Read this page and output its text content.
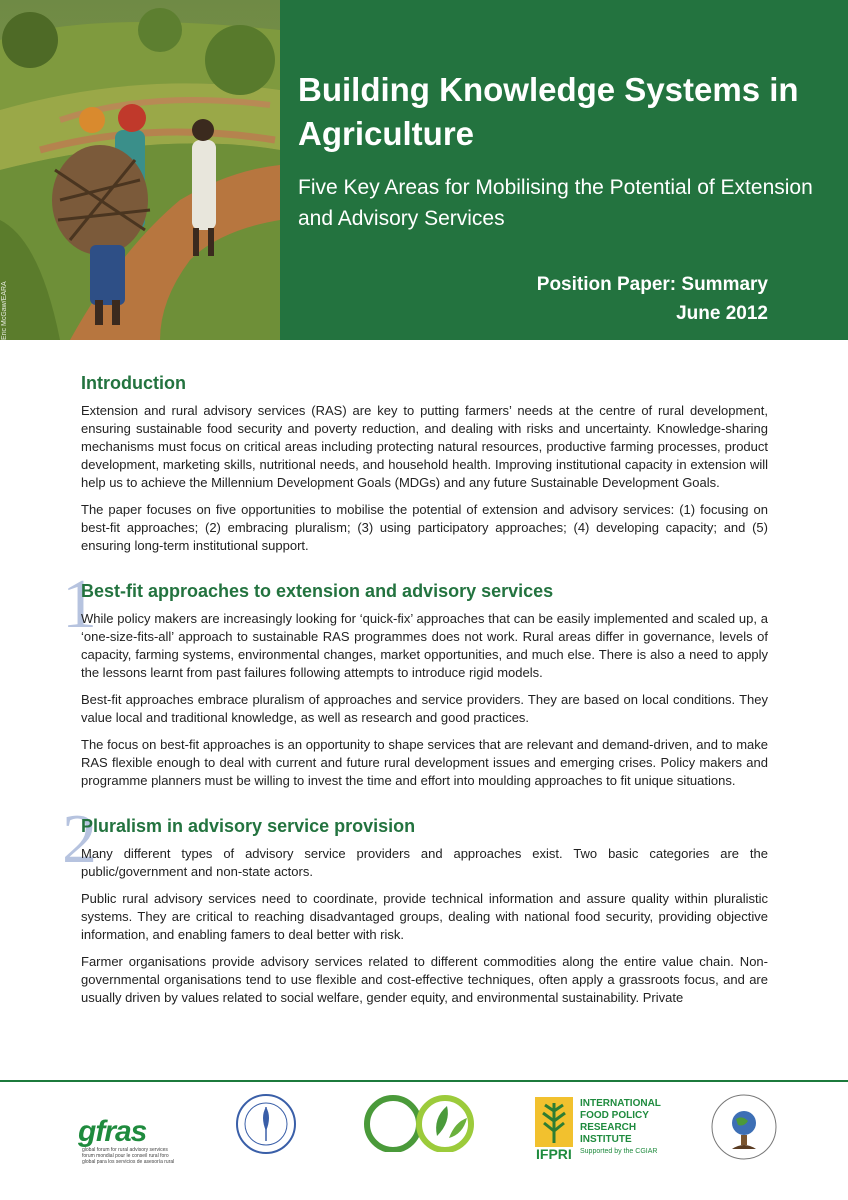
Eric McGaw/EARA
Building Knowledge Systems in Agriculture
Five Key Areas for Mobilising the Potential of Extension and Advisory Services
Position Paper: Summary
June 2012
Introduction

Extension and rural advisory services (RAS) are key to putting farmers’ needs at the centre of rural development, ensuring sustainable food security and poverty reduction, and dealing with risks and uncertainty. Knowledge-sharing mechanisms must focus on critical areas including protecting natural resources, productive farming processes, product development, marketing skills, nutritional needs, and household health. Improving institutional capacity in extension will help us to achieve the Millennium Development Goals (MDGs) and any future Sustainable Development Goals.

The paper focuses on five opportunities to mobilise the potential of extension and advisory services: (1) focusing on best-fit approaches; (2) embracing pluralism; (3) using participatory approaches; (4) developing capacity; and (5) ensuring long-term institutional support.

1
Best-fit approaches to extension and advisory services

While policy makers are increasingly looking for ‘quick-fix’ approaches that can be easily implemented and scaled up, a ‘one-size-fits-all’ approach to sustainable RAS programmes does not work. Rural areas differ in governance, levels of capacity, farming systems, environmental changes, market opportunities, and much else. There is also a need to apply the lessons learnt from past failures following attempts to introduce rigid models.

Best-fit approaches embrace pluralism of approaches and service providers. They are based on local conditions. They value local and traditional knowledge, as well as research and good practices.

The focus on best-fit approaches is an opportunity to shape services that are relevant and demand-driven, and to make RAS flexible enough to deal with current and future rural development issues and emerging crises. Policy makers and programme planners must be willing to invest the time and effort into moulding approaches to fit unique situations.

2
Pluralism in advisory service provision

Many different types of advisory service providers and approaches exist. Two basic categories are the public/government and non-state actors.

Public rural advisory services need to coordinate, provide technical information and assure quality within pluralistic systems. They are critical to reaching disadvantaged groups, dealing with national food security, providing objective information, and enabling famers to deal better with risk.

Farmer organisations provide advisory services related to different commodities along the entire value chain. Non-governmental organisations tend to use flexible and cost-effective techniques, often apply a grassroots focus, and are usually driven by values related to social welfare, gender equity, and environmental sustainability. Private

gfras
global forum for rural advisory services forum mondial pour le conseil rural foro global para los servicios de asesoría rural
INTERNATIONAL
FOOD POLICY
RESEARCH
INSTITUTE
IFPRI Supported by the CGIAR
